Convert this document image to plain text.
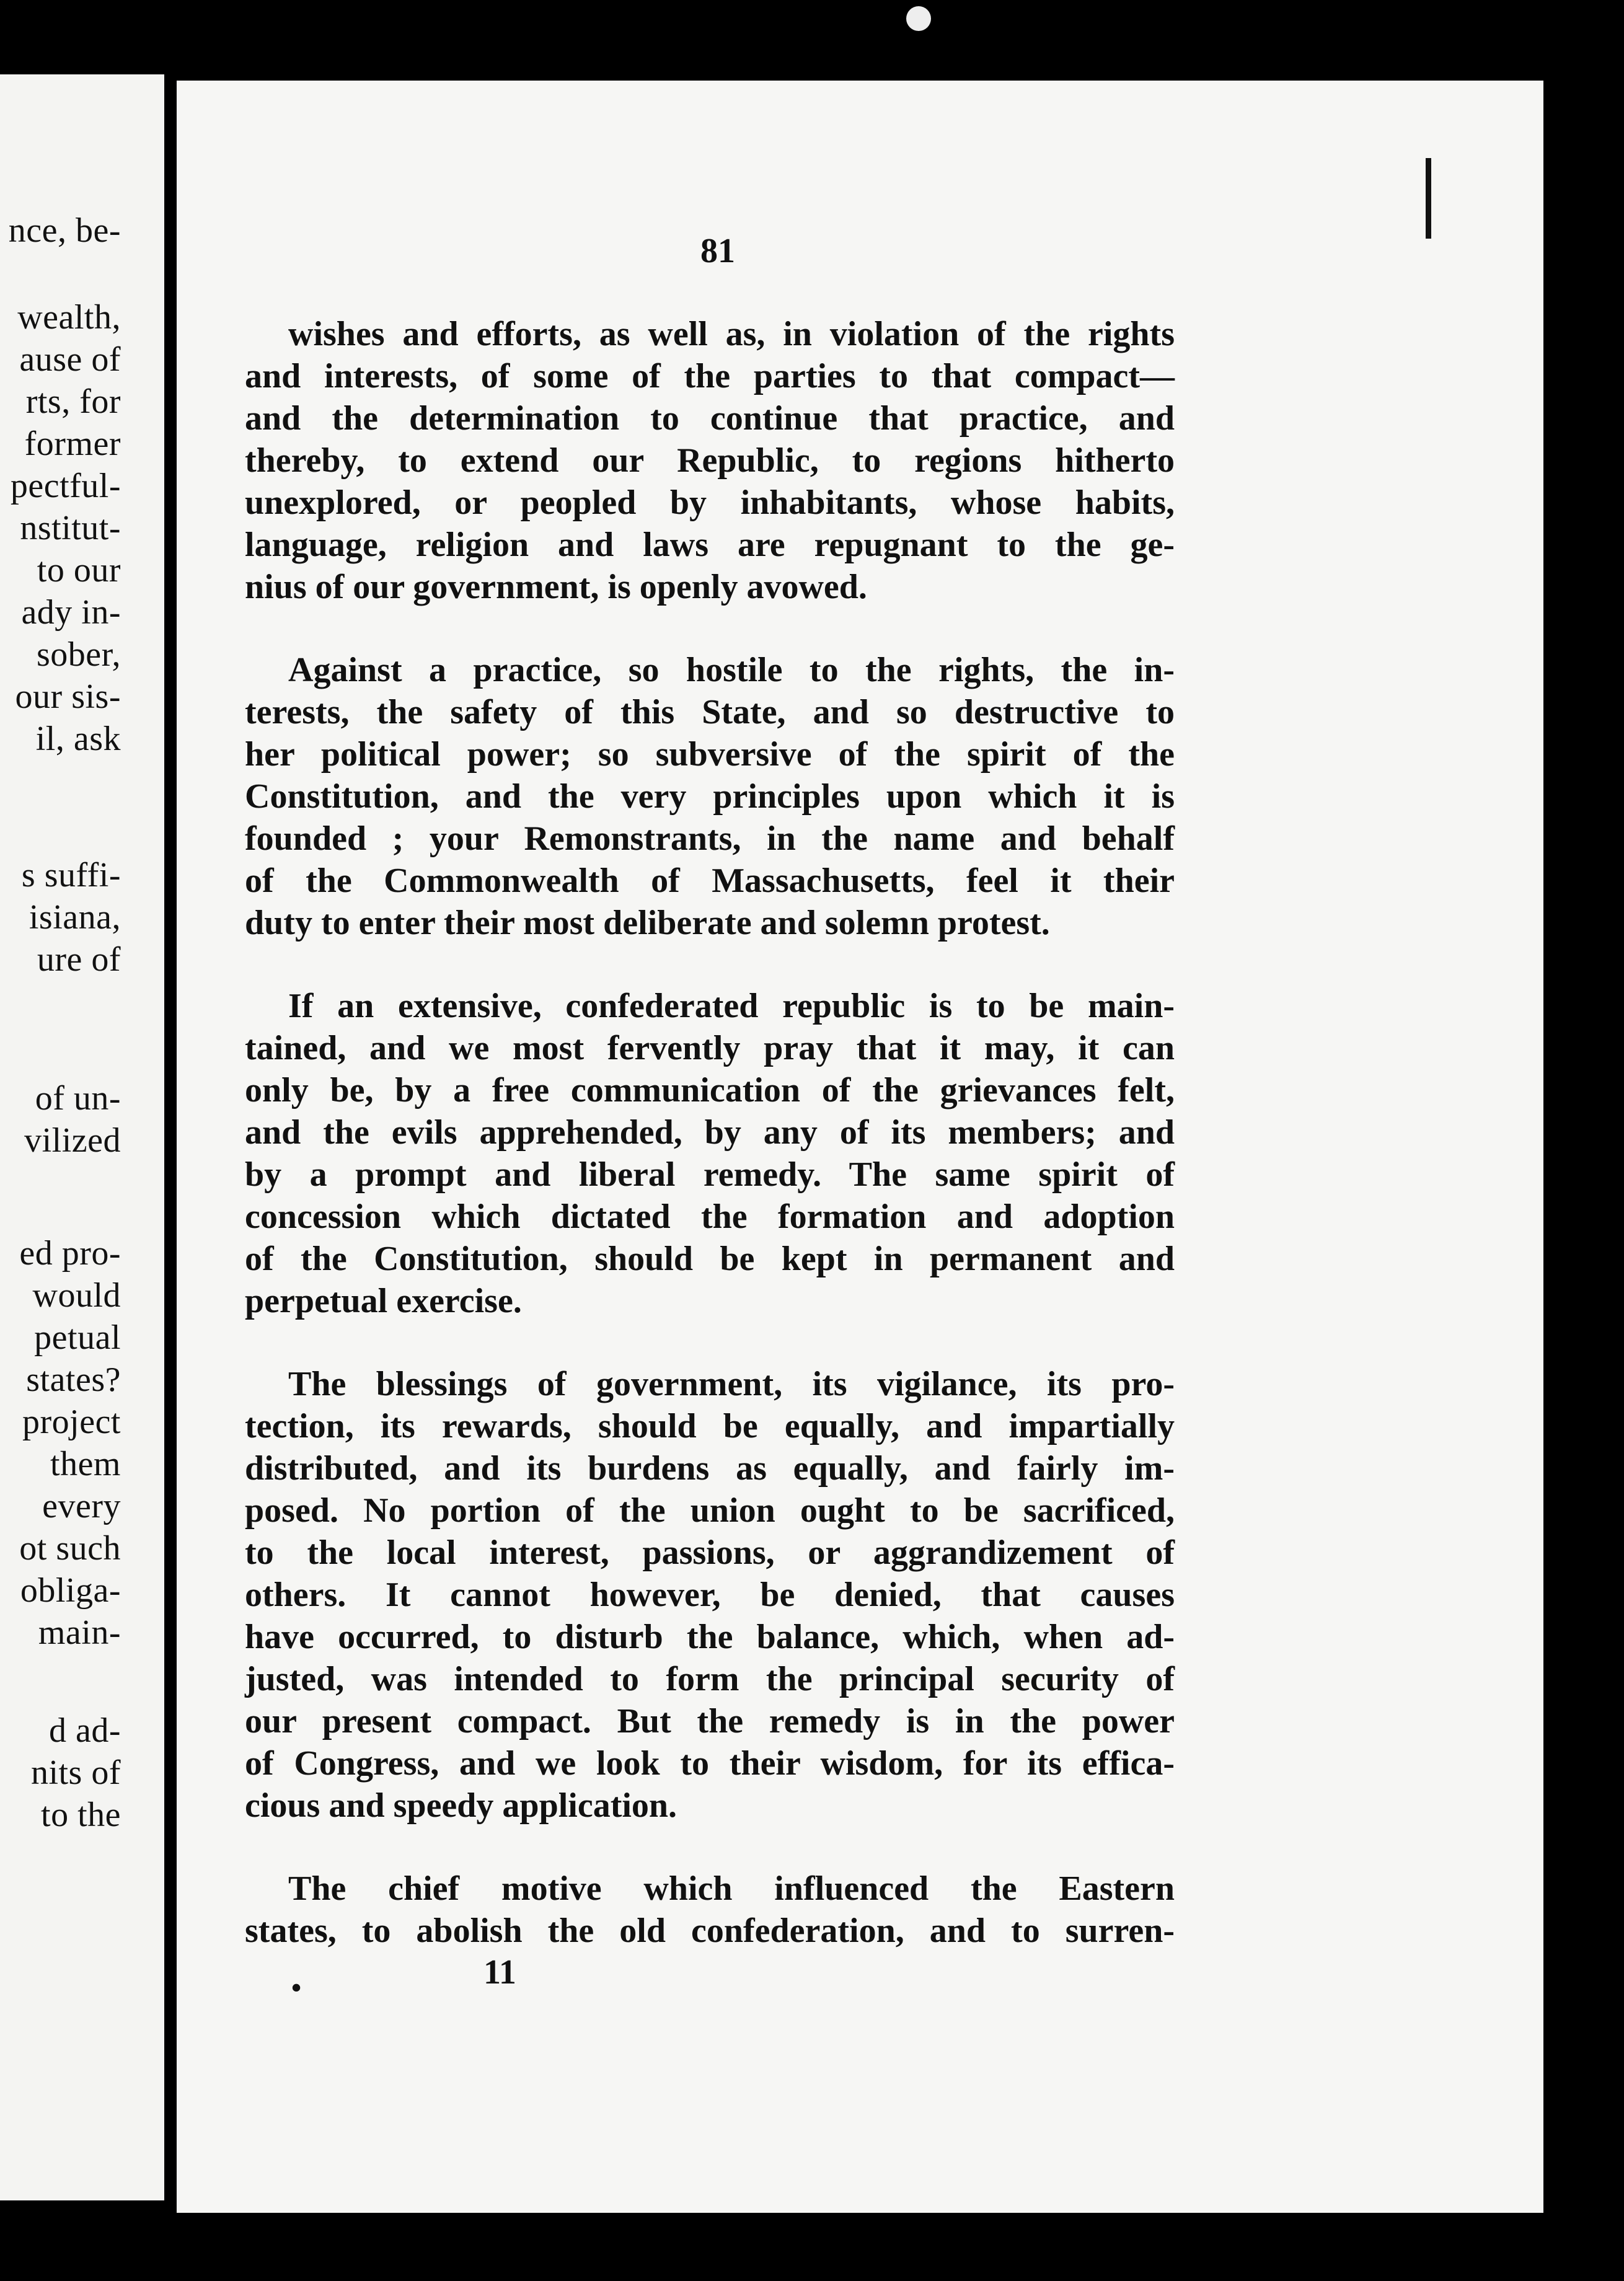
nce, be-
wealth,
ause of
rts, for
former
pectful-
nstitut-
to our
ady in-
sober,
our sis-
il, ask
s suffi-
isiana,
ure of
of un-
vilized
ed pro-
would
petual
states?
project
them
every
ot such
obliga-
main-
d ad-
nits of
to the
81
wishes and efforts, as well as, in violation of the rights
and interests, of some of the parties to that compact—
and the determination to continue that practice, and
thereby, to extend our Republic, to regions hitherto
unexplored, or peopled by inhabitants, whose habits,
language, religion and laws are repugnant to the ge-
nius of our government, is openly avowed.
Against a practice, so hostile to the rights, the in-
terests, the safety of this State, and so destructive to
her political power; so subversive of the spirit of the
Constitution, and the very principles upon which it is
founded ; your Remonstrants, in the name and behalf
of the Commonwealth of Massachusetts, feel it their
duty to enter their most deliberate and solemn protest.
If an extensive, confederated republic is to be main-
tained, and we most fervently pray that it may, it can
only be, by a free communication of the grievances felt,
and the evils apprehended, by any of its members; and
by a prompt and liberal remedy. The same spirit of
concession which dictated the formation and adoption
of the Constitution, should be kept in permanent and
perpetual exercise.
The blessings of government, its vigilance, its pro-
tection, its rewards, should be equally, and impartially
distributed, and its burdens as equally, and fairly im-
posed. No portion of the union ought to be sacrificed,
to the local interest, passions, or aggrandizement of
others. It cannot however, be denied, that causes
have occurred, to disturb the balance, which, when ad-
justed, was intended to form the principal security of
our present compact. But the remedy is in the power
of Congress, and we look to their wisdom, for its effica-
cious and speedy application.
The chief motive which influenced the Eastern
states, to abolish the old confederation, and to surren-
•	11
